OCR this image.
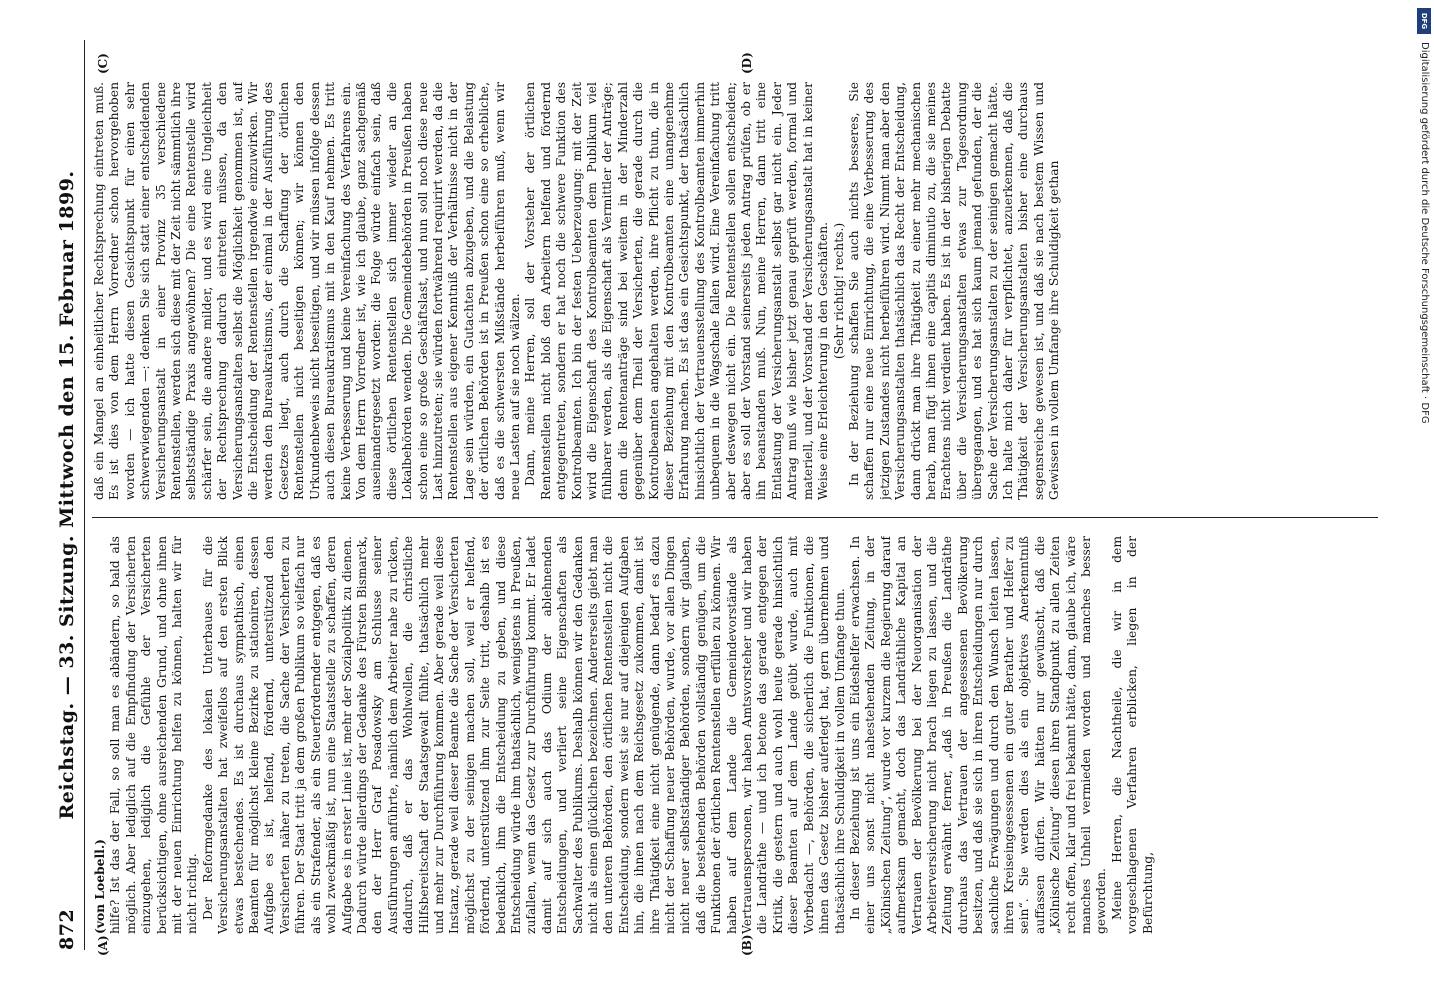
872
Reichstag. — 33. Sitzung. Mittwoch den 15. Februar 1899.
(A)	(B)
(C)	(D)

(von Loebell.) hilfe? Ist das der Fall, so soll man es abändern, so bald als möglich. Aber lediglich auf die Empfindung der Versicherten einzugehen, lediglich die Gefühle der Versicherten berücksichtigen, ohne ausreichenden Grund, und ohne ihnen mit der neuen Einrichtung helfen zu können, halten wir für nicht richtig. Der Reformgedanke des lokalen Unterbaues für die Versicherungsanstalten hat zweifellos auf den ersten Blick etwas bestechendes. Es ist durchaus sympathisch, einen Beamten für möglichst kleine Bezirke zu stationiren, dessen Aufgabe es ist, helfend, fördernd, unterstützend den Versicherten näher zu treten, die Sache der Versicherten zu führen. Der Staat tritt ja dem großen Publikum so vielfach nur als ein Strafender, als ein Steuerfordernder entgegen, daß es wohl zweckmäßig ist, nun eine Staatsstelle zu schaffen, deren Aufgabe es in erster Linie ist, mehr der Sozialpolitik zu dienen. Dadurch würde allerdings der Gedanke des Fürsten Bismarck, den der Herr Graf Posadowsky am Schlusse seiner Ausführungen anführte, nämlich dem Arbeiter nahe zu rücken, dadurch, daß er das Wohlwollen, die christliche Hilfsbereitschaft der Staatsgewalt fühlte, thatsächlich mehr und mehr zur Durchführung kommen. Aber gerade weil diese Instanz, gerade weil dieser Beamte die Sache der Versicherten möglichst zu der seinigen machen soll, weil er helfend, fördernd, unterstützend ihm zur Seite tritt, deshalb ist es bedenklich, ihm die Entscheidung zu geben, und diese Entscheidung würde ihm thatsächlich, wenigstens in Preußen, zufallen, wenn das Gesetz zur Durchführung kommt. Er ladet damit auf sich auch das Odium der ablehnenden Entscheidungen, und verliert seine Eigenschaften als Sachwalter des Publikums. Deshalb können wir den Gedanken nicht als einen glücklichen bezeichnen. Andererseits giebt man den unteren Behörden, den örtlichen Rentenstellen nicht die Entscheidung, sondern weist sie nur auf diejenigen Aufgaben hin, die ihnen nach dem Reichsgesetz zukommen, damit ist ihre Thätigkeit eine nicht genügende, dann bedarf es dazu nicht der Schaffung neuer Behörden, wurde, vor allen Dingen nicht neuer selbstständiger Behörden, sondern wir glauben, daß die bestehenden Behörden vollständig genügen, um die Funktionen der örtlichen Rentenstellen erfüllen zu können. Wir haben auf dem Lande die Gemeindevorstände als Vertrauenspersonen, wir haben Amtsvorsteher und wir haben die Landräthe — und ich betone das gerade entgegen der Kritik, die gestern und auch wohl heute gerade hinsichtlich dieser Beamten auf dem Lande geübt wurde, auch mit Vorbedacht —, Behörden, die sicherlich die Funktionen, die ihnen das Gesetz bisher auferlegt hat, gern übernehmen und thatsächlich ihre Schuldigkeit in vollem Umfange thun. In dieser Beziehung ist uns ein Eideshelfer erwachsen. In einer uns sonst nicht nahestehenden Zeitung, in der „Kölnischen Zeitung“, wurde vor kurzem die Regierung darauf aufmerksam gemacht, doch das Landräthliche Kapital an Vertrauen der Bevölkerung bei der Neuorganisation der Arbeiterversicherung nicht brach liegen zu lassen, und die Zeitung erwähnt ferner, „daß in Preußen die Landräthe durchaus das Vertrauen der angesessenen Bevölkerung besitzen, und daß sie sich in ihren Entscheidungen nur durch sachliche Erwägungen und durch den Wunsch leiten lassen, ihren Kreiseingesessenen ein guter Berather und Helfer zu sein“. Sie werden dies als ein objektives Anerkenntniß auffassen dürfen. Wir hätten nur gewünscht, daß die „Kölnische Zeitung“ diesen ihren Standpunkt zu allen Zeiten recht offen, klar und frei bekannt hätte, dann, glaube ich, wäre manches Unheil vermieden worden und manches besser geworden. Meine Herren, die Nachtheile, die wir in dem vorgeschlagenen Verfahren erblicken, liegen in der Befürchtung,

daß ein Mangel an einheitlicher Rechtsprechung eintreten muß. Es ist dies von dem Herrn Vorredner schon hervorgehoben worden — ich hatte diesen Gesichtspunkt für einen sehr schwerwiegenden —: denken Sie sich statt einer entscheidenden Versicherungsanstalt in einer Provinz 35 verschiedene Rentenstellen, werden sich diese mit der Zeit nicht sämmtlich ihre selbstständige Praxis angewöhnen? Die eine Rentenstelle wird schärfer sein, die andere milder, und es wird eine Ungleichheit der Rechtsprechung dadurch eintreten müssen, da den Versicherungsanstalten selbst die Möglichkeit genommen ist, auf die Entscheidung der Rentenstellen irgendwie einzuwirken. Wir werden den Bureaukratismus, der einmal in der Ausführung des Gesetzes liegt, auch durch die Schaffung der örtlichen Rentenstellen nicht beseitigen können; wir können den Urkundenbeweis nicht beseitigen, und wir müssen infolge dessen auch diesen Bureaukratismus mit in den Kauf nehmen. Es tritt keine Verbesserung und keine Vereinfachung des Verfahrens ein. Von dem Herrn Vorredner ist, wie ich glaube, ganz sachgemäß auseinandergesetzt worden: die Folge würde einfach sein, daß diese örtlichen Rentenstellen sich immer wieder an die Lokalbehörden wenden. Die Gemeindebehörden in Preußen haben schon eine so große Geschäftslast, und nun soll noch diese neue Last hinzutreten; sie würden fortwährend requirirt werden, da die Rentenstellen aus eigener Kenntniß der Verhältnisse nicht in der Lage sein würden, ein Gutachten abzugeben, und die Belastung der örtlichen Behörden ist in Preußen schon eine so erhebliche, daß es die schwersten Mißstände herbeiführen muß, wenn wir neue Lasten auf sie noch wälzen. Dann, meine Herren, soll der Vorsteher der örtlichen Rentenstellen nicht bloß den Arbeitern helfend und fördernd entgegentreten, sondern er hat noch die schwere Funktion des Kontrolbeamten. Ich bin der festen Ueberzeugung: mit der Zeit wird die Eigenschaft des Kontrolbeamten dem Publikum viel fühlbarer werden, als die Eigenschaft als Vermittler der Anträge; denn die Rentenanträge sind bei weitem in der Minderzahl gegenüber dem Theil der Versicherten, die gerade durch die Kontrolbeamten angehalten werden, ihre Pflicht zu thun, die in dieser Beziehung mit den Kontrolbeamten eine unangenehme Erfahrung machen. Es ist das ein Gesichtspunkt, der thatsächlich hinsichtlich der Vertrauensstellung des Kontrolbeamten immerhin unbequem in die Wagschale fallen wird. Eine Vereinfachung tritt aber deswegen nicht ein. Die Rentenstellen sollen entscheiden; aber es soll der Vorstand seinerseits jeden Antrag prüfen, ob er ihn beanstanden muß. Nun, meine Herren, dann tritt eine Entlastung der Versicherungsanstalt selbst gar nicht ein. Jeder Antrag muß wie bisher jetzt genau geprüft werden, formal und materiell, und der Vorstand der Versicherungsanstalt hat in keiner Weise eine Erleichterung in den Geschäften. (Sehr richtig! rechts.) In der Beziehung schaffen Sie auch nichts besseres, Sie schaffen nur eine neue Einrichtung, die eine Verbesserung des jetzigen Zustandes nicht herbeiführen wird. Nimmt man aber den Versicherungsanstalten thatsächlich das Recht der Entscheidung, dann drückt man ihre Thätigkeit zu einer mehr mechanischen herab, man fügt ihnen eine capitis diminutio zu, die sie meines Erachtens nicht verdient haben. Es ist in der bisherigen Debatte über die Versicherungsanstalten etwas zur Tagesordnung übergegangen, und es hat sich kaum jemand gefunden, der die Sache der Versicherungsanstalten zu der seinigen gemacht hätte. Ich halte mich daher für verpflichtet, anzuerkennen, daß die Thätigkeit der Versicherungsanstalten bisher eine durchaus segensreiche gewesen ist, und daß sie nach bestem Wissen und Gewissen in vollem Umfange ihre Schuldigkeit gethan

DFG
Digitalisierung gefördert durch die Deutsche Forschungsgemeinschaft · DFG
